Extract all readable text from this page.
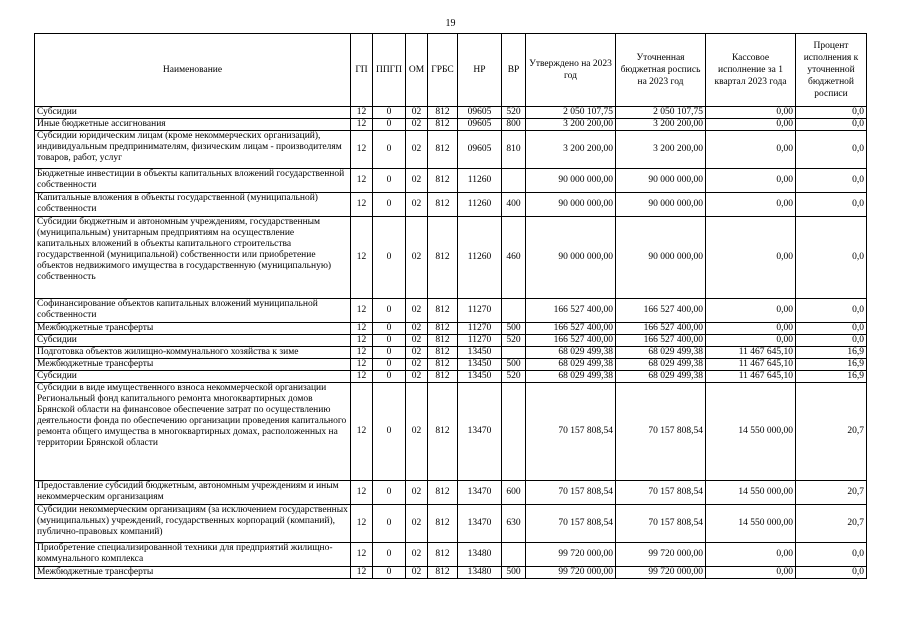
19
Наименование	ГП	ППГП	ОМ	ГРБС	НР	ВР	Утверждено на 2023 год	Уточненная бюджетная роспись на 2023 год	Кассовое исполнение за 1 квартал 2023 года	Процент исполнения к уточненной бюджетной росписи
Субсидии	12	0	02	812	09605	520	2 050 107,75	2 050 107,75	0,00	0,0
Иные бюджетные ассигнования	12	0	02	812	09605	800	3 200 200,00	3 200 200,00	0,00	0,0
Субсидии юридическим лицам (кроме некоммерческих организаций), индивидуальным предпринимателям, физическим лицам - производителям товаров, работ, услуг	12	0	02	812	09605	810	3 200 200,00	3 200 200,00	0,00	0,0
Бюджетные инвестиции в объекты капитальных вложений государственной собственности	12	0	02	812	11260		90 000 000,00	90 000 000,00	0,00	0,0
Капитальные вложения в объекты государственной (муниципальной) собственности	12	0	02	812	11260	400	90 000 000,00	90 000 000,00	0,00	0,0
Субсидии бюджетным и автономным учреждениям, государственным (муниципальным) унитарным предприятиям на осуществление капитальных вложений в объекты капитального строительства государственной (муниципальной) собственности или приобретение объектов недвижимого имущества в государственную (муниципальную) собственность	12	0	02	812	11260	460	90 000 000,00	90 000 000,00	0,00	0,0
Софинансирование объектов капитальных вложений муниципальной собственности	12	0	02	812	11270		166 527 400,00	166 527 400,00	0,00	0,0
Межбюджетные трансферты	12	0	02	812	11270	500	166 527 400,00	166 527 400,00	0,00	0,0
Субсидии	12	0	02	812	11270	520	166 527 400,00	166 527 400,00	0,00	0,0
Подготовка объектов жилищно-коммунального хозяйства к зиме	12	0	02	812	13450		68 029 499,38	68 029 499,38	11 467 645,10	16,9
Межбюджетные трансферты	12	0	02	812	13450	500	68 029 499,38	68 029 499,38	11 467 645,10	16,9
Субсидии	12	0	02	812	13450	520	68 029 499,38	68 029 499,38	11 467 645,10	16,9
Субсидии в виде имущественного взноса некоммерческой организации Региональный фонд капитального ремонта многоквартирных домов Брянской области на финансовое обеспечение затрат по осуществлению деятельности фонда по обеспечению организации проведения капитального ремонта общего имущества в многоквартирных домах, расположенных на территории Брянской области	12	0	02	812	13470		70 157 808,54	70 157 808,54	14 550 000,00	20,7
Предоставление субсидий бюджетным, автономным учреждениям и иным некоммерческим организациям	12	0	02	812	13470	600	70 157 808,54	70 157 808,54	14 550 000,00	20,7
Субсидии некоммерческим организациям (за исключением государственных (муниципальных) учреждений, государственных корпораций (компаний), публично-правовых компаний)	12	0	02	812	13470	630	70 157 808,54	70 157 808,54	14 550 000,00	20,7
Приобретение специализированной техники для предприятий жилищно-коммунального комплекса	12	0	02	812	13480		99 720 000,00	99 720 000,00	0,00	0,0
Межбюджетные трансферты	12	0	02	812	13480	500	99 720 000,00	99 720 000,00	0,00	0,0
